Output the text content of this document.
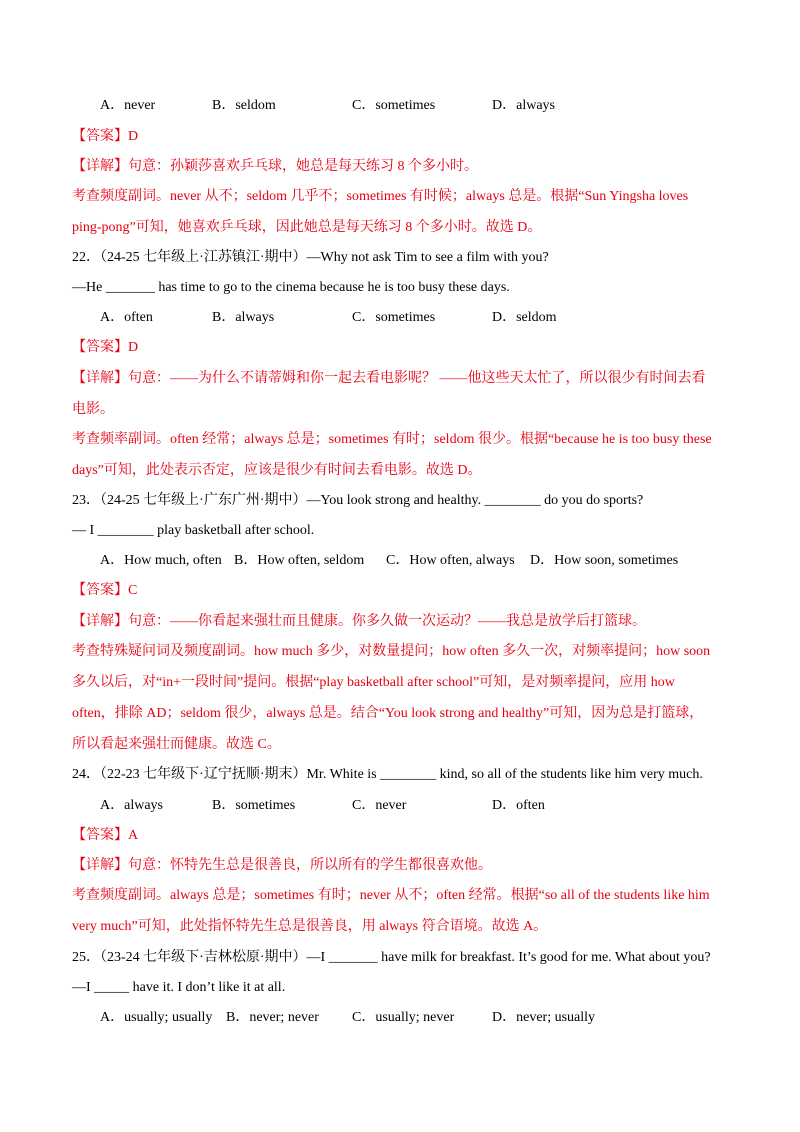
A．never	B．seldom	C．sometimes	D．always
【答案】D
【详解】句意：孙颖莎喜欢乒乓球，她总是每天练习 8 个多小时。
考查频度副词。never 从不；seldom 几乎不；sometimes 有时候；always 总是。根据“Sun Yingsha loves
ping-pong”可知，她喜欢乒乓球，因此她总是每天练习 8 个多小时。故选 D。
22．（24-25 七年级上·江苏镇江·期中）—Why not ask Tim to see a film with you?
—He _______ has time to go to the cinema because he is too busy these days.
A．often	B．always	C．sometimes	D．seldom
【答案】D
【详解】句意：——为什么不请蒂姆和你一起去看电影呢？ ——他这些天太忙了，所以很少有时间去看
电影。
考查频率副词。often 经常；always 总是；sometimes 有时；seldom 很少。根据“because he is too busy these
days”可知，此处表示否定，应该是很少有时间去看电影。故选 D。
23．（24-25 七年级上·广东广州·期中）—You look strong and healthy. ________ do you do sports?
— I ________ play basketball after school.
A．How much, often B．How often, seldom C．How often, always D．How soon, sometimes
【答案】C
【详解】句意：——你看起来强壮而且健康。你多久做一次运动？——我总是放学后打篮球。
考查特殊疑问词及频度副词。how much 多少，对数量提问；how often 多久一次，对频率提问；how soon
多久以后，对“in+一段时间”提问。根据“play basketball after school”可知，是对频率提问，应用 how
often，排除 AD；seldom 很少，always 总是。结合“You look strong and healthy”可知，因为总是打篮球，
所以看起来强壮而健康。故选 C。
24．（22-23 七年级下·辽宁抚顺·期末）Mr. White is ________ kind, so all of the students like him very much.
A．always	B．sometimes	C．never	D．often
【答案】A
【详解】句意：怀特先生总是很善良，所以所有的学生都很喜欢他。
考查频度副词。always 总是；sometimes 有时；never 从不；often 经常。根据“so all of the students like him
very much”可知，此处指怀特先生总是很善良，用 always 符合语境。故选 A。
25．（23-24 七年级下·吉林松原·期中）—I _______ have milk for breakfast. It’s good for me. What about you?
—I _____ have it. I don’t like it at all.
A．usually; usually B．never; never C．usually; never	D．never; usually
